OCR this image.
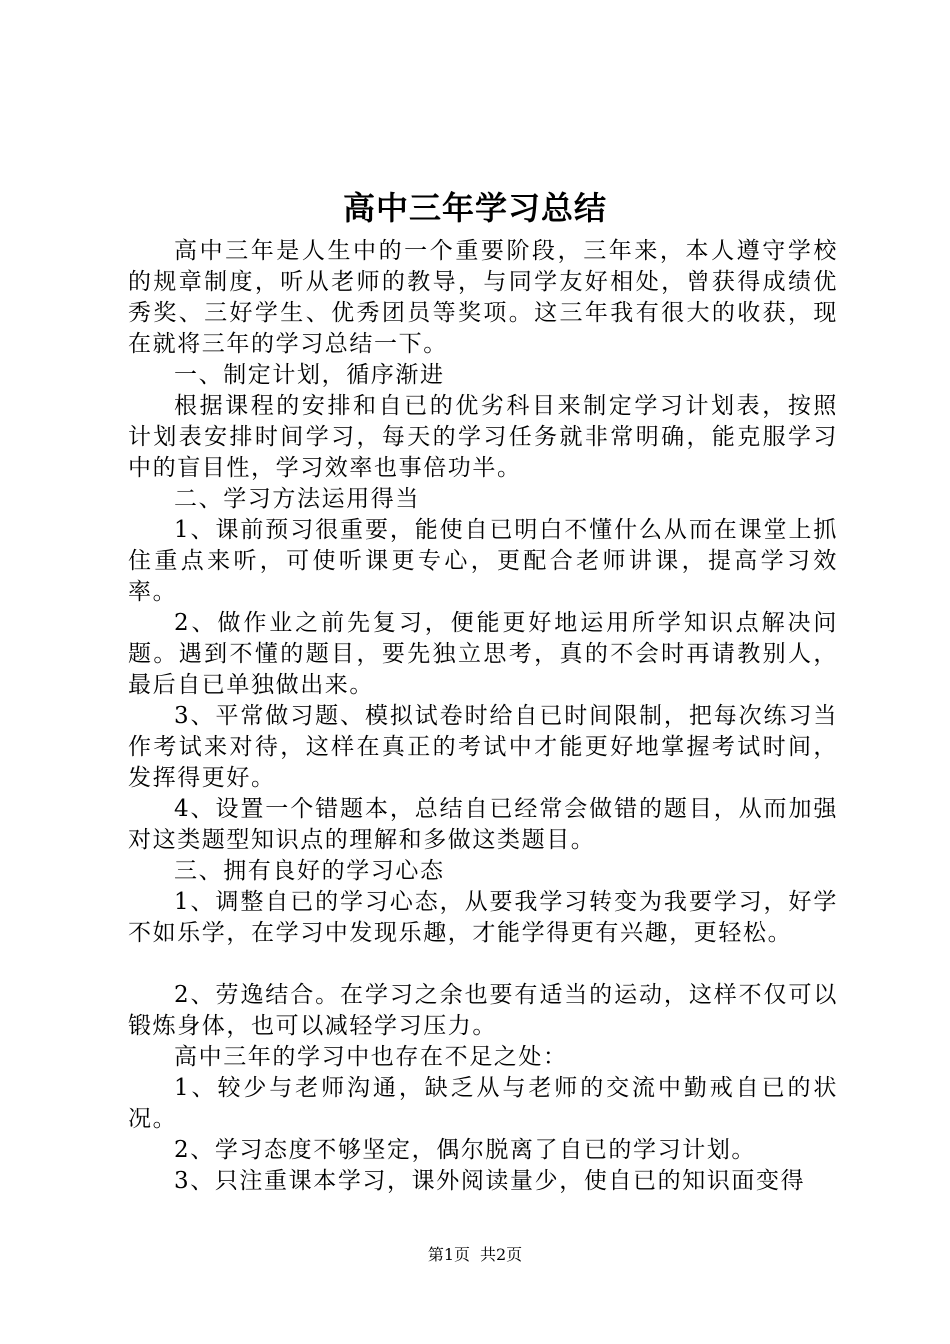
高中三年学习总结

高中三年是人生中的一个重要阶段，三年来，本人遵守学校的规章制度，听从老师的教导，与同学友好相处，曾获得成绩优秀奖、三好学生、优秀团员等奖项。这三年我有很大的收获，现在就将三年的学习总结一下。

一、制定计划，循序渐进

根据课程的安排和自已的优劣科目来制定学习计划表，按照计划表安排时间学习，每天的学习任务就非常明确，能克服学习中的盲目性，学习效率也事倍功半。

二、学习方法运用得当

1、课前预习很重要，能使自已明白不懂什么从而在课堂上抓住重点来听，可使听课更专心，更配合老师讲课，提高学习效率。

2、做作业之前先复习，便能更好地运用所学知识点解决问题。遇到不懂的题目，要先独立思考，真的不会时再请教别人，最后自已单独做出来。

3、平常做习题、模拟试卷时给自已时间限制，把每次练习当作考试来对待，这样在真正的考试中才能更好地掌握考试时间，发挥得更好。

4、设置一个错题本，总结自已经常会做错的题目，从而加强对这类题型知识点的理解和多做这类题目。

三、拥有良好的学习心态

1、调整自已的学习心态，从要我学习转变为我要学习，好学不如乐学，在学习中发现乐趣，才能学得更有兴趣，更轻松。

2、劳逸结合。在学习之余也要有适当的运动，这样不仅可以锻炼身体，也可以减轻学习压力。

高中三年的学习中也存在不足之处：

1、较少与老师沟通，缺乏从与老师的交流中勤戒自已的状况。

2、学习态度不够坚定，偶尔脱离了自已的学习计划。

3、只注重课本学习，课外阅读量少，使自已的知识面变得

第1页 共2页
